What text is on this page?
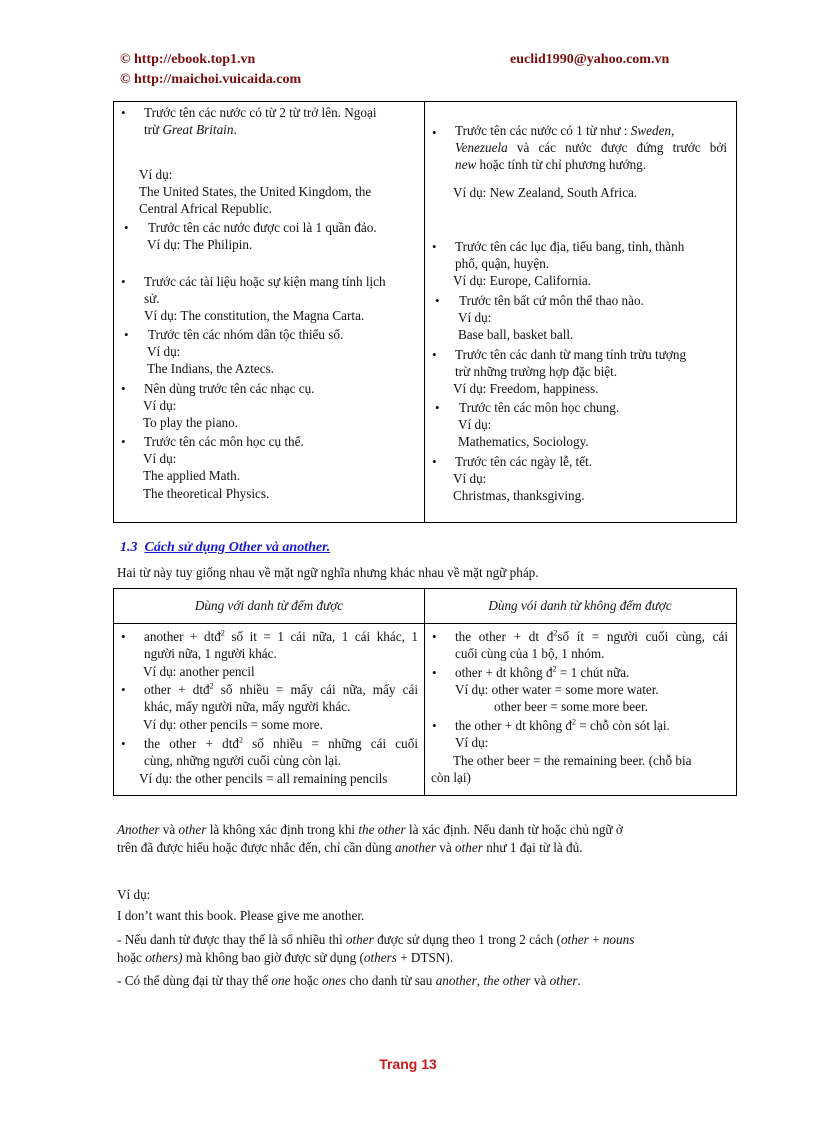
© http://ebook.top1.vn
© http://maichoi.vuicaida.com
euclid1990@yahoo.com.vn
• Trước tên các nước có từ 2 từ trở lên. Ngoại
trừ Great Britain.
Ví dụ:
The United States, the United Kingdom, the
Central Africal Republic.
• Trước tên các nước được coi là 1 quần đảo.
Ví dụ: The Philipin.
• Trước các tài liệu hoặc sự kiện mang tính lịch
sử.
Ví dụ: The constitution, the Magna Carta.
• Trước tên các nhóm dân tộc thiểu số.
Ví dụ:
The Indians, the Aztecs.
• Nên dùng trước tên các nhạc cụ.
Ví dụ:
To play the piano.
• Trước tên các môn học cụ thể.
Ví dụ:
The applied Math.
The theoretical Physics.
• Trước tên các nước có 1 từ như : Sweden,
Venezuela và các nước được đứng trước bởi
new hoặc tính từ chỉ phương hướng.
Ví dụ: New Zealand, South Africa.
• Trước tên các lục địa, tiểu bang, tỉnh, thành
phố, quận, huyện.
Ví dụ: Europe, California.
• Trước tên bất cứ môn thể thao nào.
Ví dụ:
Base ball, basket ball.
• Trước tên các danh từ mang tính trừu tượng
trừ những trường hợp đặc biệt.
Ví dụ: Freedom, happiness.
• Trước tên các môn học chung.
Ví dụ:
Mathematics, Sociology.
• Trước tên các ngày lễ, tết.
Ví dụ:
Christmas, thanksgiving.
1.3 Cách sử dụng Other và another.
Hai từ này tuy giống nhau về mặt ngữ nghĩa nhưng khác nhau về mặt ngữ pháp.
Dùng với danh từ đếm được	Dùng vói danh từ không đếm được
• another + dtđ$^2$ số it = 1 cái nữa, 1 cái khác, 1
người nữa, 1 người khác.
Ví dụ: another pencil
• other + dtđ$^2$ số nhiều = mấy cái nữa, mấy cái
khác, mấy người nữa, mấy người khác.
Ví dụ: other pencils = some more.
• the other + dtđ$^2$ số nhiều = những cái cuối
cùng, những người cuối cùng còn lại.
Ví dụ: the other pencils = all remaining pencils
• the other + dt $đ^2số$ ít = người cuối cùng, cái
cuối cùng của 1 bộ, 1 nhóm.
• other + dt không $đ^2 = 1$ chút nữa.
Ví dụ: other water = some more water.
other beer = some more beer.
• the other + dt không $đ^2$ = chỗ còn sót lại.
Ví dụ:
The other beer = the remaining beer. (chỗ bia
còn lại)
Another và other là không xác định trong khi the other là xác định. Nếu danh từ hoặc chủ ngữ ở
trên đã được hiểu hoặc được nhắc đến, chỉ cần dùng another và other như 1 đại từ là đủ.
Ví dụ:
I don’t want this book. Please give me another.
- Nếu danh từ được thay thế là số nhiều thì other được sử dụng theo 1 trong 2 cách (other + nouns
hoặc others) mà không bao giờ được sử dụng (others + DTSN).
- Có thể dùng đại từ thay thế one hoặc ones cho danh từ sau another, the other và other.
Trang 13
